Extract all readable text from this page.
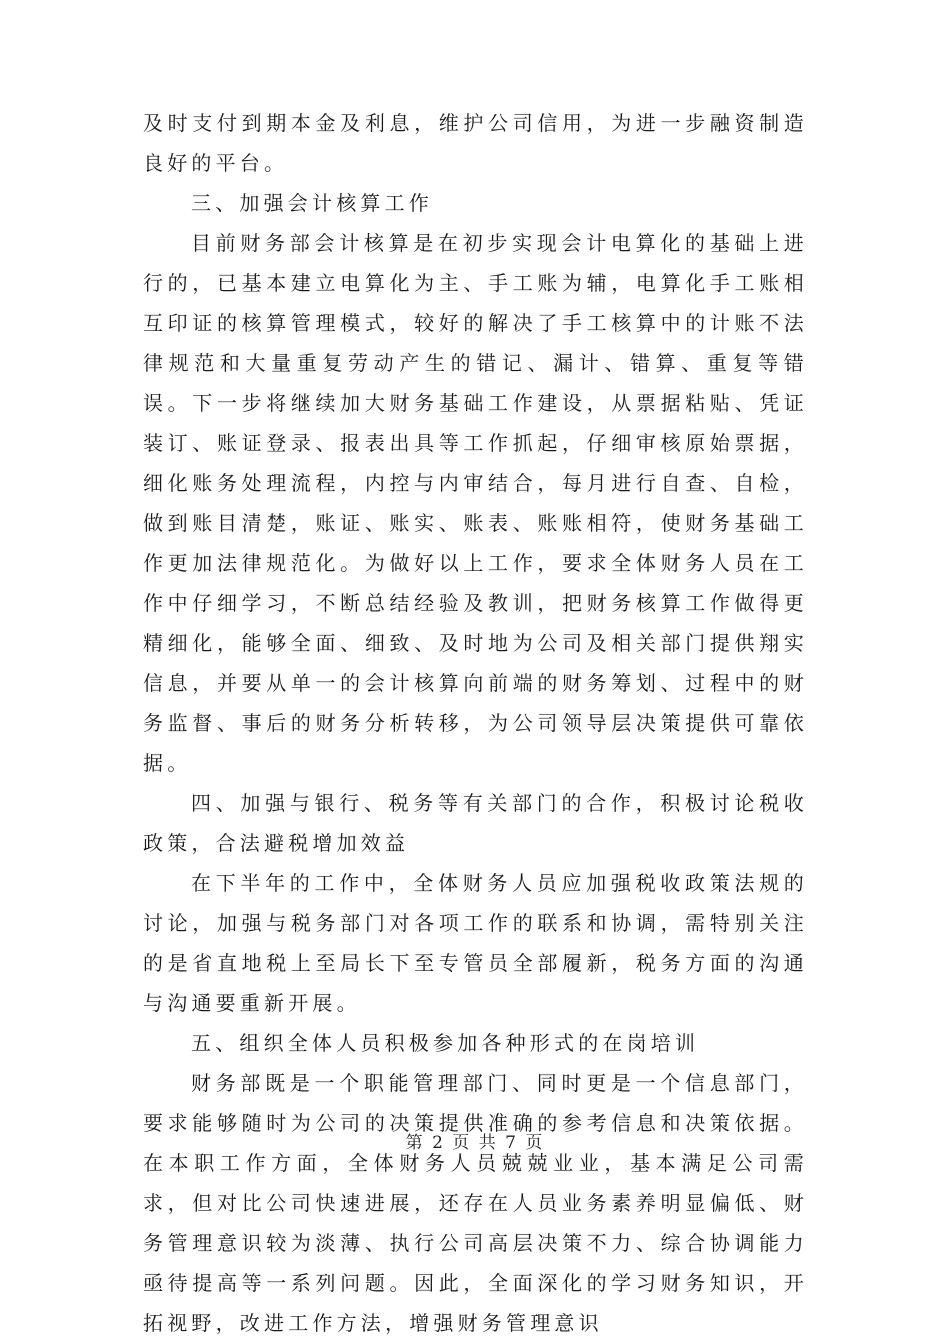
及时支付到期本金及利息，维护公司信用，为进一步融资制造良好的平台。

三、加强会计核算工作

目前财务部会计核算是在初步实现会计电算化的基础上进行的，已基本建立电算化为主、手工账为辅，电算化手工账相互印证的核算管理模式，较好的解决了手工核算中的计账不法律规范和大量重复劳动产生的错记、漏计、错算、重复等错误。下一步将继续加大财务基础工作建设，从票据粘贴、凭证装订、账证登录、报表出具等工作抓起，仔细审核原始票据，细化账务处理流程，内控与内审结合，每月进行自查、自检，做到账目清楚，账证、账实、账表、账账相符，使财务基础工作更加法律规范化。为做好以上工作，要求全体财务人员在工作中仔细学习，不断总结经验及教训，把财务核算工作做得更精细化，能够全面、细致、及时地为公司及相关部门提供翔实信息，并要从单一的会计核算向前端的财务筹划、过程中的财务监督、事后的财务分析转移，为公司领导层决策提供可靠依据。

四、加强与银行、税务等有关部门的合作，积极讨论税收政策，合法避税增加效益

在下半年的工作中，全体财务人员应加强税收政策法规的讨论，加强与税务部门对各项工作的联系和协调，需特别关注的是省直地税上至局长下至专管员全部履新，税务方面的沟通与沟通要重新开展。

五、组织全体人员积极参加各种形式的在岗培训

财务部既是一个职能管理部门、同时更是一个信息部门，要求能够随时为公司的决策提供准确的参考信息和决策依据。在本职工作方面，全体财务人员兢兢业业，基本满足公司需求，但对比公司快速进展，还存在人员业务素养明显偏低、财务管理意识较为淡薄、执行公司高层决策不力、综合协调能力亟待提高等一系列问题。因此，全面深化的学习财务知识，开拓视野，改进工作方法，增强财务管理意识

第 2 页 共 7 页
